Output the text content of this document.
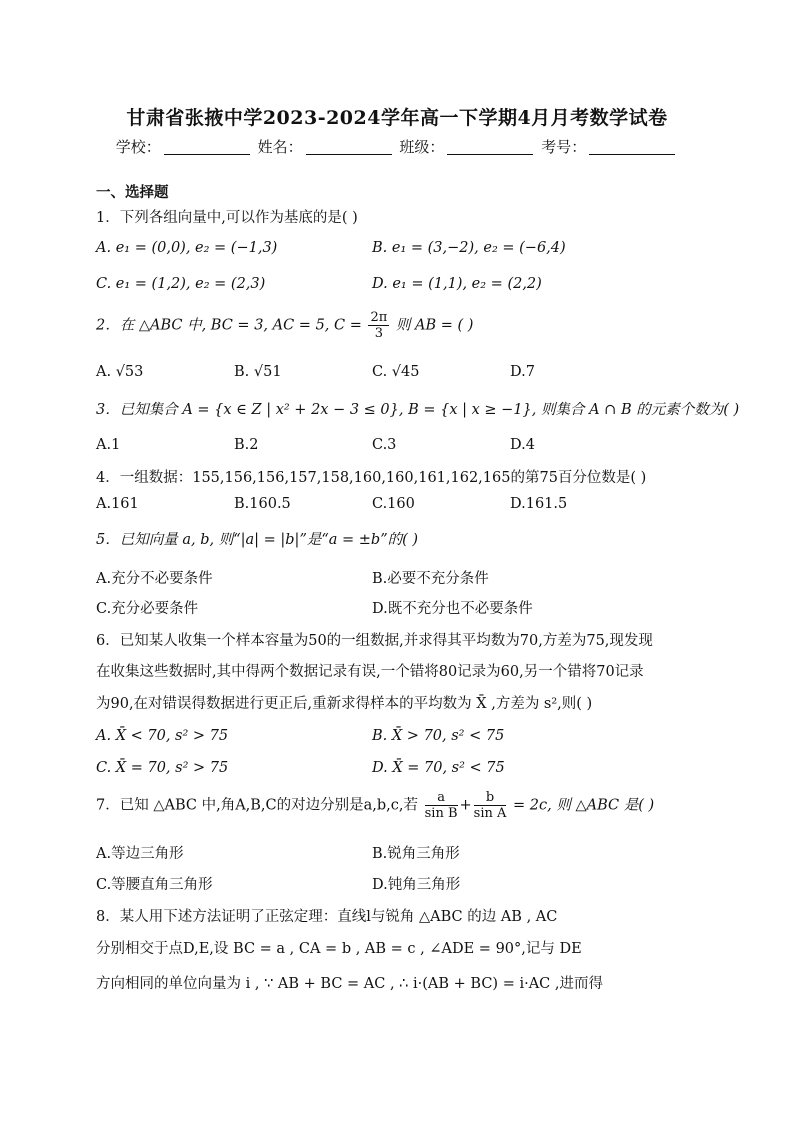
甘肃省张掖中学2023-2024学年高一下学期4月月考数学试卷
学校：	姓名：	班级：	考号：
一、选择题
1．下列各组向量中,可以作为基底的是( )
A. e₁ = (0,0), e₂ = (−1,3)	B. e₁ = (3,−2), e₂ = (−6,4)
C. e₁ = (1,2), e₂ = (2,3)	D. e₁ = (1,1), e₂ = (2,2)
2．在 △ABC 中, BC = 3, AC = 5, $C = \frac{2\pi}{3}$ 则 AB = ( )
A. √53	B. √51	C. √45	D.7
3．已知集合 A = {x ∈ Z | x² + 2x − 3 ≤ 0}, B = {x | x ≥ −1}, 则集合 A ∩ B 的元素个数为( )
A.1	B.2	C.3	D.4
4．一组数据：155,156,156,157,158,160,160,161,162,165的第75百分位数是( )
A.161	B.160.5	C.160	D.161.5
5．已知向量 a, b, 则“|a| = |b|”是“a = ±b”的( )
A.充分不必要条件	B.必要不充分条件
C.充分必要条件	D.既不充分也不必要条件
6．已知某人收集一个样本容量为50的一组数据,并求得其平均数为70,方差为75,现发现
在收集这些数据时,其中得两个数据记录有误,一个错将80记录为60,另一个错将70记录
为90,在对错误得数据进行更正后,重新求得样本的平均数为 X̄ ,方差为 s²,则( )
A. X̄ < 70, s² > 75	B. X̄ > 70, s² < 75
C. X̄ = 70, s² > 75	D. X̄ = 70, s² < 75
7．已知 △ABC 中,角A,B,C的对边分别是a,b,c,若 $\frac{a}{\text{sin B}} + \frac{b}{\text{sin A}} = 2c$, 则 △ABC 是( )
A.等边三角形	B.锐角三角形
C.等腰直角三角形	D.钝角三角形
8．某人用下述方法证明了正弦定理：直线l与锐角 △ABC 的边 AB , AC
分别相交于点D,E,设 BC = a , CA = b , AB = c , ∠ADE = 90°,记与 DE
方向相同的单位向量为 i , ∵ AB + BC = AC , ∴ i·(AB + BC) = i·AC ,进而得
